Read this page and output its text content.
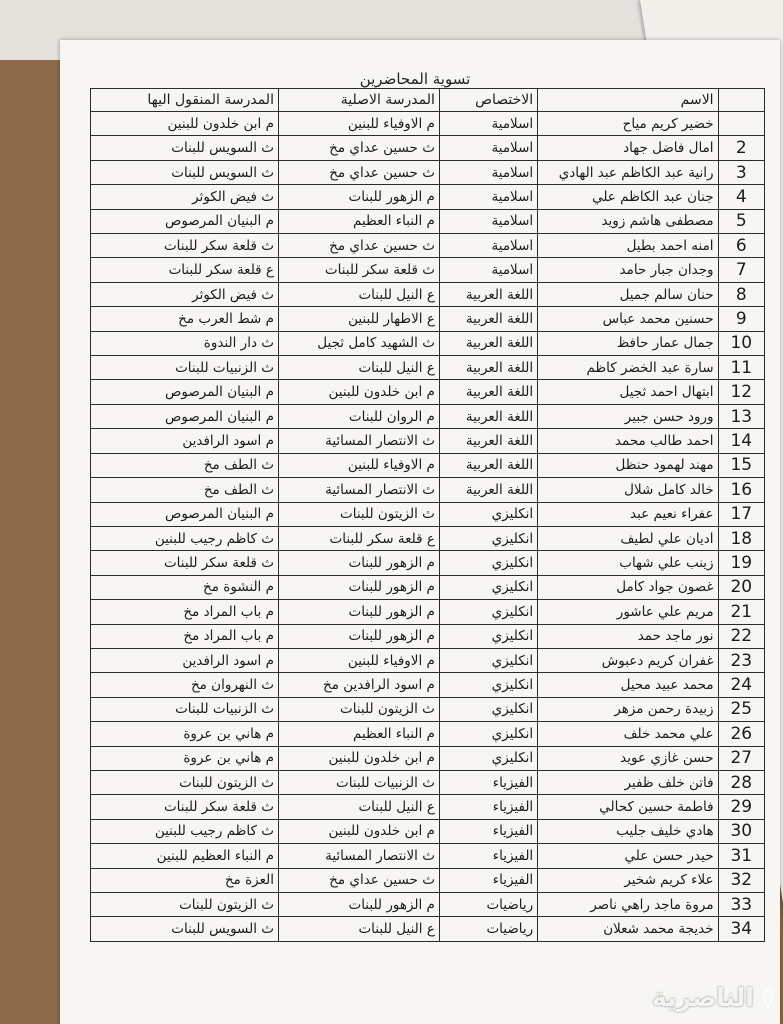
تسوية المحاضرين
	الاسم	الاختصاص	المدرسة الاصلية	المدرسة المنقول اليها
	خضير كريم مياح	اسلامية	م الاوفياء للبنين	م ابن خلدون للبنين
2	امال فاضل جهاد	اسلامية	ث حسين عداي مخ	ث السويس للبنات
3	رانية عبد الكاظم عبد الهادي	اسلامية	ث حسين عداي مخ	ث السويس للبنات
4	جنان عبد الكاظم علي	اسلامية	م الزهور للبنات	ث فيض الكوثر
5	مصطفى هاشم زويد	اسلامية	م النباء العظيم	م البنيان المرصوص
6	امنه احمد بطيل	اسلامية	ث حسين عداي مخ	ث قلعة سكر للبنات
7	وجدان جبار حامد	اسلامية	ث قلعة سكر للبنات	ع قلعة سكر للبنات
8	حنان سالم جميل	اللغة العربية	ع النيل للبنات	ث فيض الكوثر
9	حسنين محمد عباس	اللغة العربية	ع الاطهار للبنين	م شط العرب مخ
10	جمال عمار حافظ	اللغة العربية	ث الشهيد كامل ثجيل	ث دار الندوة
11	سارة عبد الخضر كاظم	اللغة العربية	ع النيل للبنات	ث الزنبيات للبنات
12	ابتهال احمد ثجيل	اللغة العربية	م ابن خلدون للبنين	م البنيان المرصوص
13	ورود حسن جبير	اللغة العربية	م الروان للبنات	م البنيان المرصوص
14	احمد طالب محمد	اللغة العربية	ث الانتصار المسائية	م اسود الرافدين
15	مهند لهمود حنظل	اللغة العربية	م الاوفياء للبنين	ث الطف مخ
16	خالد كامل شلال	اللغة العربية	ث الانتصار المسائية	ث الطف مخ
17	عفراء نعيم عبد	انكليزي	ث الزيتون للبنات	م البنيان المرصوص
18	اديان علي لطيف	انكليزي	ع قلعة سكر للبنات	ث كاظم رجيب للبنين
19	زينب علي شهاب	انكليزي	م الزهور للبنات	ث قلعة سكر للبنات
20	غصون جواد كامل	انكليزي	م الزهور للبنات	م النشوة مخ
21	مريم علي عاشور	انكليزي	م الزهور للبنات	م باب المراد مخ
22	نور ماجد حمد	انكليزي	م الزهور للبنات	م باب المراد مخ
23	غفران كريم دعبوش	انكليزي	م الاوفياء للبنين	م اسود الرافدين
24	محمد عبيد محيل	انكليزي	م اسود الرافدين مخ	ث النهروان مخ
25	زبيدة رحمن مزهر	انكليزي	ث الزيتون للبنات	ث الزنبيات للبنات
26	علي محمد خلف	انكليزي	م النباء العظيم	م هاني بن عروة
27	حسن غازي عويد	انكليزي	م ابن خلدون للبنين	م هاني بن عروة
28	فاتن خلف ظفير	الفيزياء	ث الزنبيات للبنات	ث الزيتون للبنات
29	فاطمة حسين كحالي	الفيزياء	ع النيل للبنات	ث قلعة سكر للبنات
30	هادي خليف جليب	الفيزياء	م ابن خلدون للبنين	ث كاظم رجيب للبنين
31	حيدر حسن علي	الفيزياء	ث الانتصار المسائية	م النباء العظيم للبنين
32	علاء كريم شخير	الفيزياء	ث حسين عداي مخ	العزة مخ
33	مروة ماجد راهي ناصر	رياضيات	م الزهور للبنات	ث الزيتون للبنات
34	خديجة محمد شعلان	رياضيات	ع النيل للبنات	ث السويس للبنات
الناصرية
